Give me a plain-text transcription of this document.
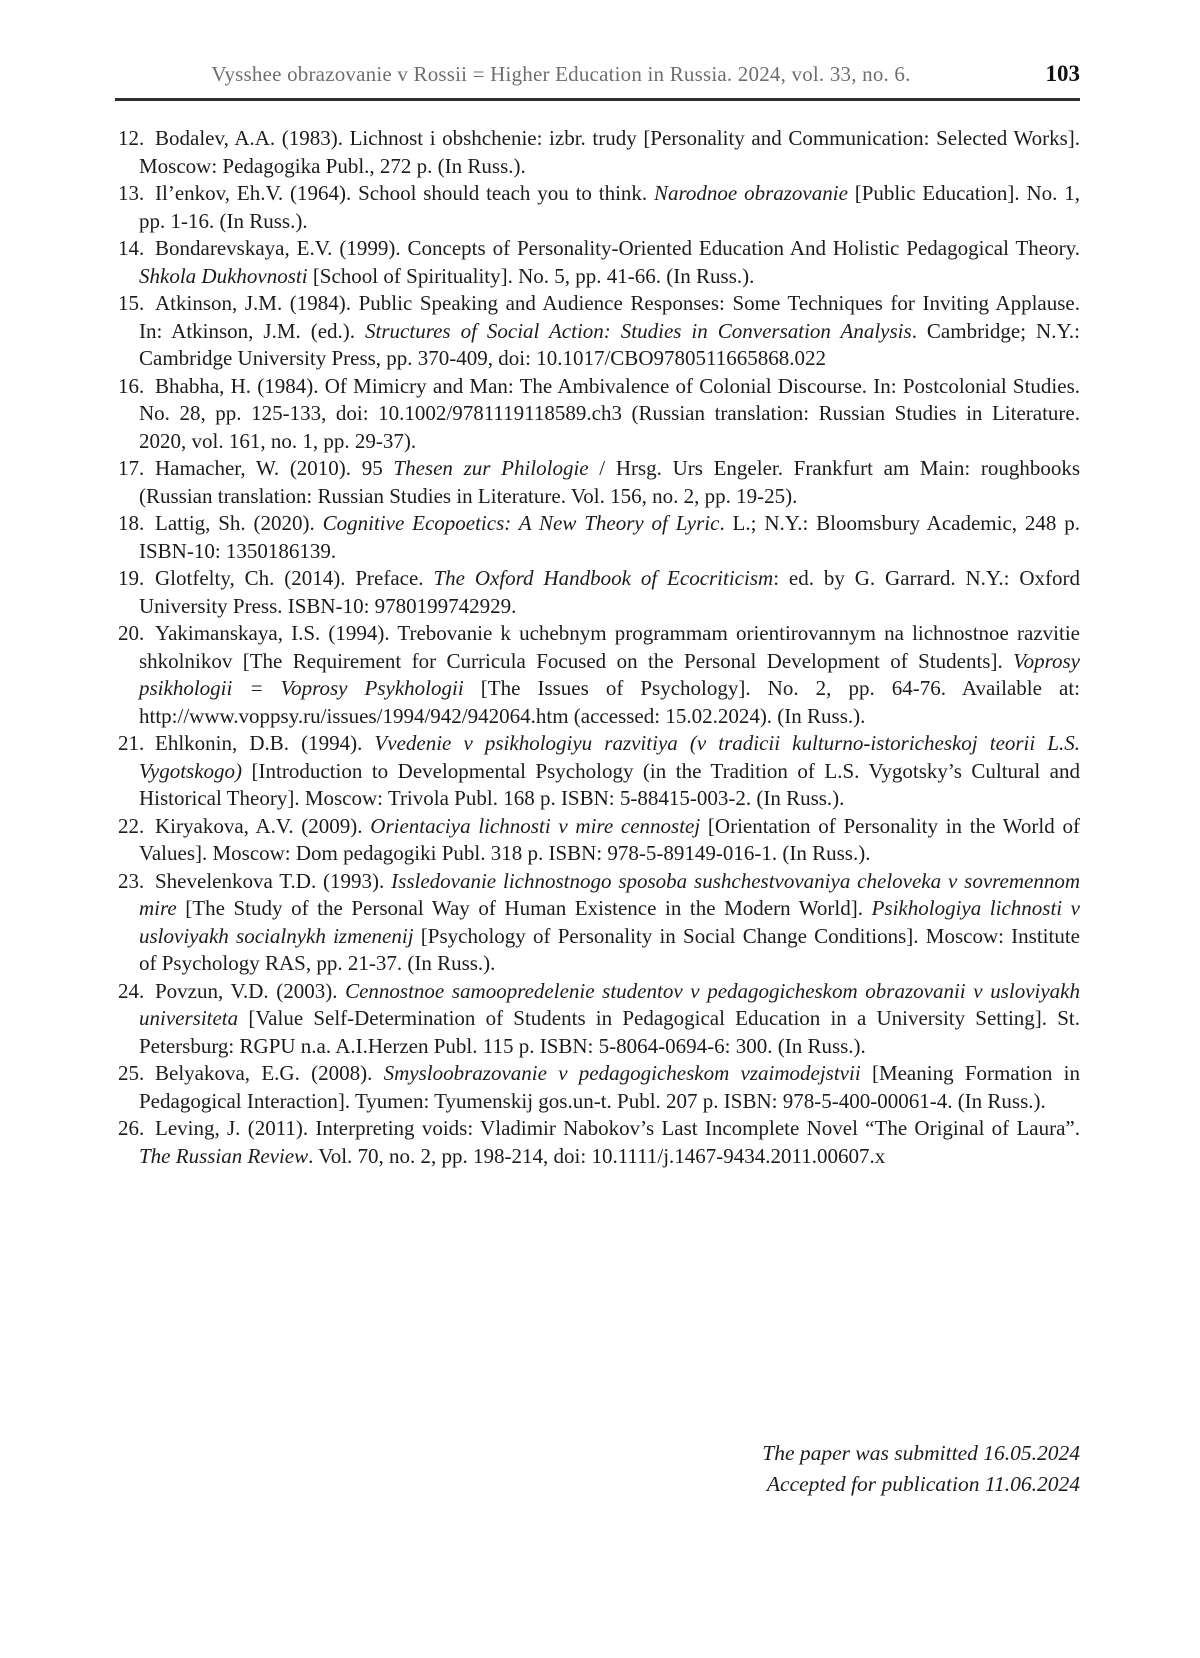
Vysshee obrazovanie v Rossii = Higher Education in Russia. 2024, vol. 33, no. 6.	103

12. Bodalev, A.A. (1983). Lichnost i obshchenie: izbr. trudy [Personality and Communication: Selected Works]. Moscow: Pedagogika Publ., 272 p. (In Russ.).

13. Il’enkov, Eh.V. (1964). School should teach you to think. Narodnoe obrazovanie [Public Education]. No. 1, pp. 1-16. (In Russ.).

14. Bondarevskaya, E.V. (1999). Concepts of Personality-Oriented Education And Holistic Pedagogical Theory. Shkola Dukhovnosti [School of Spirituality]. No. 5, pp. 41-66. (In Russ.).

15. Atkinson, J.M. (1984). Public Speaking and Audience Responses: Some Techniques for Inviting Applause. In: Atkinson, J.M. (ed.). Structures of Social Action: Studies in Conversation Analysis. Cambridge; N.Y.: Cambridge University Press, pp. 370-409, doi: 10.1017/CBO9780511665868.022

16. Bhabha, H. (1984). Of Mimicry and Man: The Ambivalence of Colonial Discourse. In: Postcolonial Studies. No. 28, pp. 125-133, doi: 10.1002/9781119118589.ch3 (Russian translation: Russian Studies in Literature. 2020, vol. 161, no. 1, pp. 29-37).

17. Hamacher, W. (2010). 95 Thesen zur Philologie / Hrsg. Urs Engeler. Frankfurt am Main: roughbooks (Russian translation: Russian Studies in Literature. Vol. 156, no. 2, pp. 19-25).

18. Lattig, Sh. (2020). Cognitive Ecopoetics: A New Theory of Lyric. L.; N.Y.: Bloomsbury Academic, 248 p. ISBN-10: 1350186139.

19. Glotfelty, Ch. (2014). Preface. The Oxford Handbook of Ecocriticism: ed. by G. Garrard. N.Y.: Oxford University Press. ISBN-10: 9780199742929.

20. Yakimanskaya, I.S. (1994). Trebovanie k uchebnym programmam orientirovannym na lichnostnoe razvitie shkolnikov [The Requirement for Curricula Focused on the Personal Development of Students]. Voprosy psikhologii = Voprosy Psykhologii [The Issues of Psychology]. No. 2, pp. 64-76. Available at: http://www.voppsy.ru/issues/1994/942/942064.htm (accessed: 15.02.2024). (In Russ.).

21. Ehlkonin, D.B. (1994). Vvedenie v psikhologiyu razvitiya (v tradicii kulturno-istoricheskoj teorii L.S. Vygotskogo) [Introduction to Developmental Psychology (in the Tradition of L.S. Vygotsky’s Cultural and Historical Theory]. Moscow: Trivola Publ. 168 p. ISBN: 5-88415-003-2. (In Russ.).

22. Kiryakova, A.V. (2009). Orientaciya lichnosti v mire cennostej [Orientation of Personality in the World of Values]. Moscow: Dom pedagogiki Publ. 318 p. ISBN: 978-5-89149-016-1. (In Russ.).

23. Shevelenkova T.D. (1993). Issledovanie lichnostnogo sposoba sushchestvovaniya cheloveka v sovremennom mire [The Study of the Personal Way of Human Existence in the Modern World]. Psikhologiya lichnosti v usloviyakh socialnykh izmenenij [Psychology of Personality in Social Change Conditions]. Moscow: Institute of Psychology RAS, pp. 21-37. (In Russ.).

24. Povzun, V.D. (2003). Cennostnoe samoopredelenie studentov v pedagogicheskom obrazovanii v usloviyakh universiteta [Value Self-Determination of Students in Pedagogical Education in a University Setting]. St. Petersburg: RGPU n.a. A.I.Herzen Publ. 115 p. ISBN: 5-8064-0694-6: 300. (In Russ.).

25. Belyakova, E.G. (2008). Smysloobrazovanie v pedagogicheskom vzaimodejstvii [Meaning Formation in Pedagogical Interaction]. Tyumen: Tyumenskij gos.un-t. Publ. 207 p. ISBN: 978-5-400-00061-4. (In Russ.).

26. Leving, J. (2011). Interpreting voids: Vladimir Nabokov’s Last Incomplete Novel “The Original of Laura”. The Russian Review. Vol. 70, no. 2, pp. 198-214, doi: 10.1111/j.1467-9434.2011.00607.x

The paper was submitted 16.05.2024
Accepted for publication 11.06.2024
